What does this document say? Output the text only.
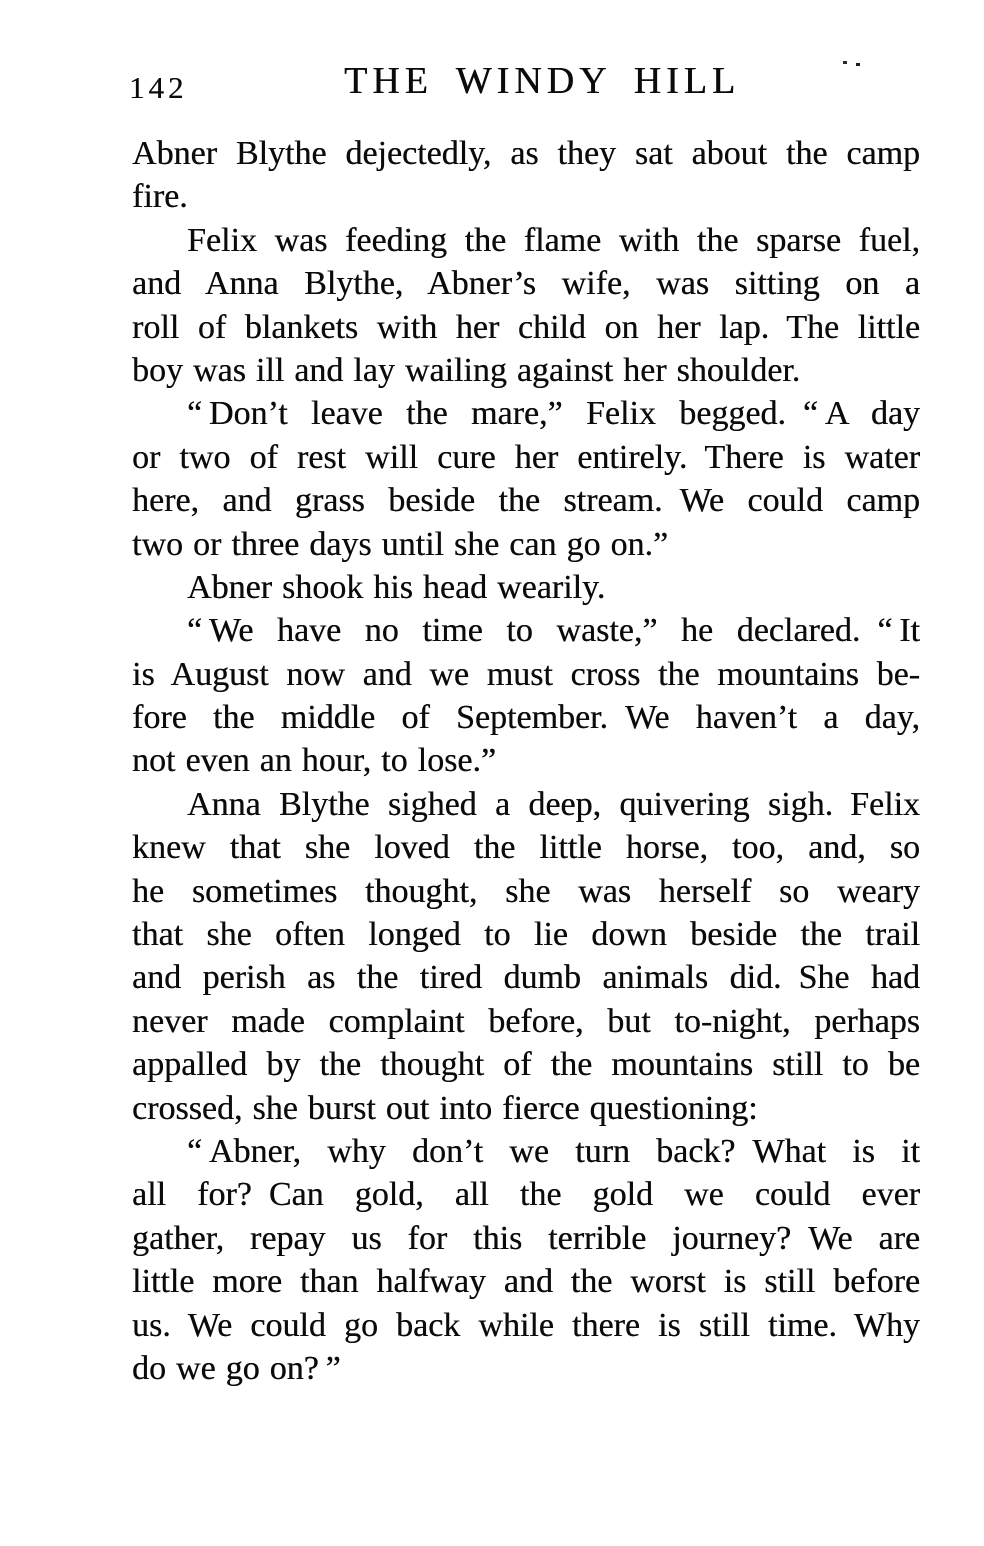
142	THE WINDY HILL
Abner Blythe dejectedly, as they sat about the camp
fire.
Felix was feeding the flame with the sparse fuel,
and Anna Blythe, Abner’s wife, was sitting on a
roll of blankets with her child on her lap. The little
boy was ill and lay wailing against her shoulder.
“ Don’t leave the mare,” Felix begged. “ A day
or two of rest will cure her entirely. There is water
here, and grass beside the stream. We could camp
two or three days until she can go on.”
Abner shook his head wearily.
“ We have no time to waste,” he declared. “ It
is August now and we must cross the mountains be-
fore the middle of September. We haven’t a day,
not even an hour, to lose.”
Anna Blythe sighed a deep, quivering sigh. Felix
knew that she loved the little horse, too, and, so
he sometimes thought, she was herself so weary
that she often longed to lie down beside the trail
and perish as the tired dumb animals did. She had
never made complaint before, but to-night, perhaps
appalled by the thought of the mountains still to be
crossed, she burst out into fierce questioning:
“ Abner, why don’t we turn back? What is it
all for? Can gold, all the gold we could ever
gather, repay us for this terrible journey? We are
little more than halfway and the worst is still before
us. We could go back while there is still time. Why
do we go on? ”
